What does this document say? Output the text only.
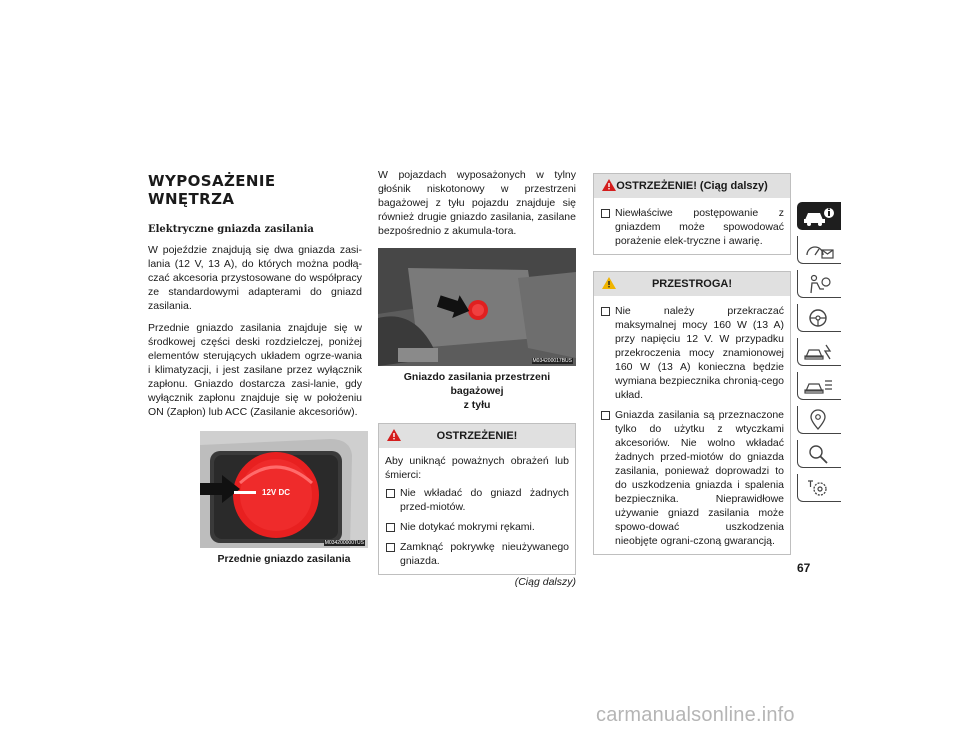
WYPOSAŻENIE WNĘTRZA
Elektryczne gniazda zasilania

W pojeździe znajdują się dwa gniazda zasi-lania (12 V, 13 A), do których można podłą-czać akcesoria przystosowane do współpracy ze standardowymi adapterami do gniazd zasilania.

Przednie gniazdo zasilania znajduje się w środkowej części deski rozdzielczej, poniżej elementów sterujących układem ogrze-wania i klimatyzacji, i jest zasilane przez wyłącznik zapłonu. Gniazdo dostarcza zasi-lanie, gdy wyłącznik zapłonu znajduje się w położeniu ON (Zapłon) lub ACC (Zasilanie akcesoriów).

12V DC
M034200000TUS
Przednie gniazdo zasilania

W pojazdach wyposażonych w tylny głośnik niskotonowy w przestrzeni bagażowej z tyłu pojazdu znajduje się również drugie gniazdo zasilania, zasilane bezpośrednio z akumula-tora.

M034200017BUS
Gniazdo zasilania przestrzeni bagażowej
z tyłu
OSTRZEŻENIE!

Aby uniknąć poważnych obrażeń lub śmierci:

Nie wkładać do gniazd żadnych przed-miotów.
Nie dotykać mokrymi rękami.
Zamknąć pokrywkę nieużywanego gniazda.
(Ciąg dalszy)
OSTRZEŻENIE! (Ciąg dalszy)
Niewłaściwe postępowanie z gniazdem może spowodować porażenie elek-tryczne i awarię.
PRZESTROGA!
Nie należy przekraczać maksymalnej mocy 160 W (13 A) przy napięciu 12 V. W przypadku przekroczenia mocy znamionowej 160 W (13 A) konieczna będzie wymiana bezpiecznika chronią-cego układ.
Gniazda zasilania są przeznaczone tylko do użytku z wtyczkami akcesoriów. Nie wolno wkładać żadnych przed-miotów do gniazda zasilania, ponieważ doprowadzi to do uszkodzenia gniazda i spalenia bezpiecznika. Nieprawidłowe używanie gniazd zasilania może spowo-dować uszkodzenia nieobjęte ograni-czoną gwarancją.
67
carmanualsonline.info
